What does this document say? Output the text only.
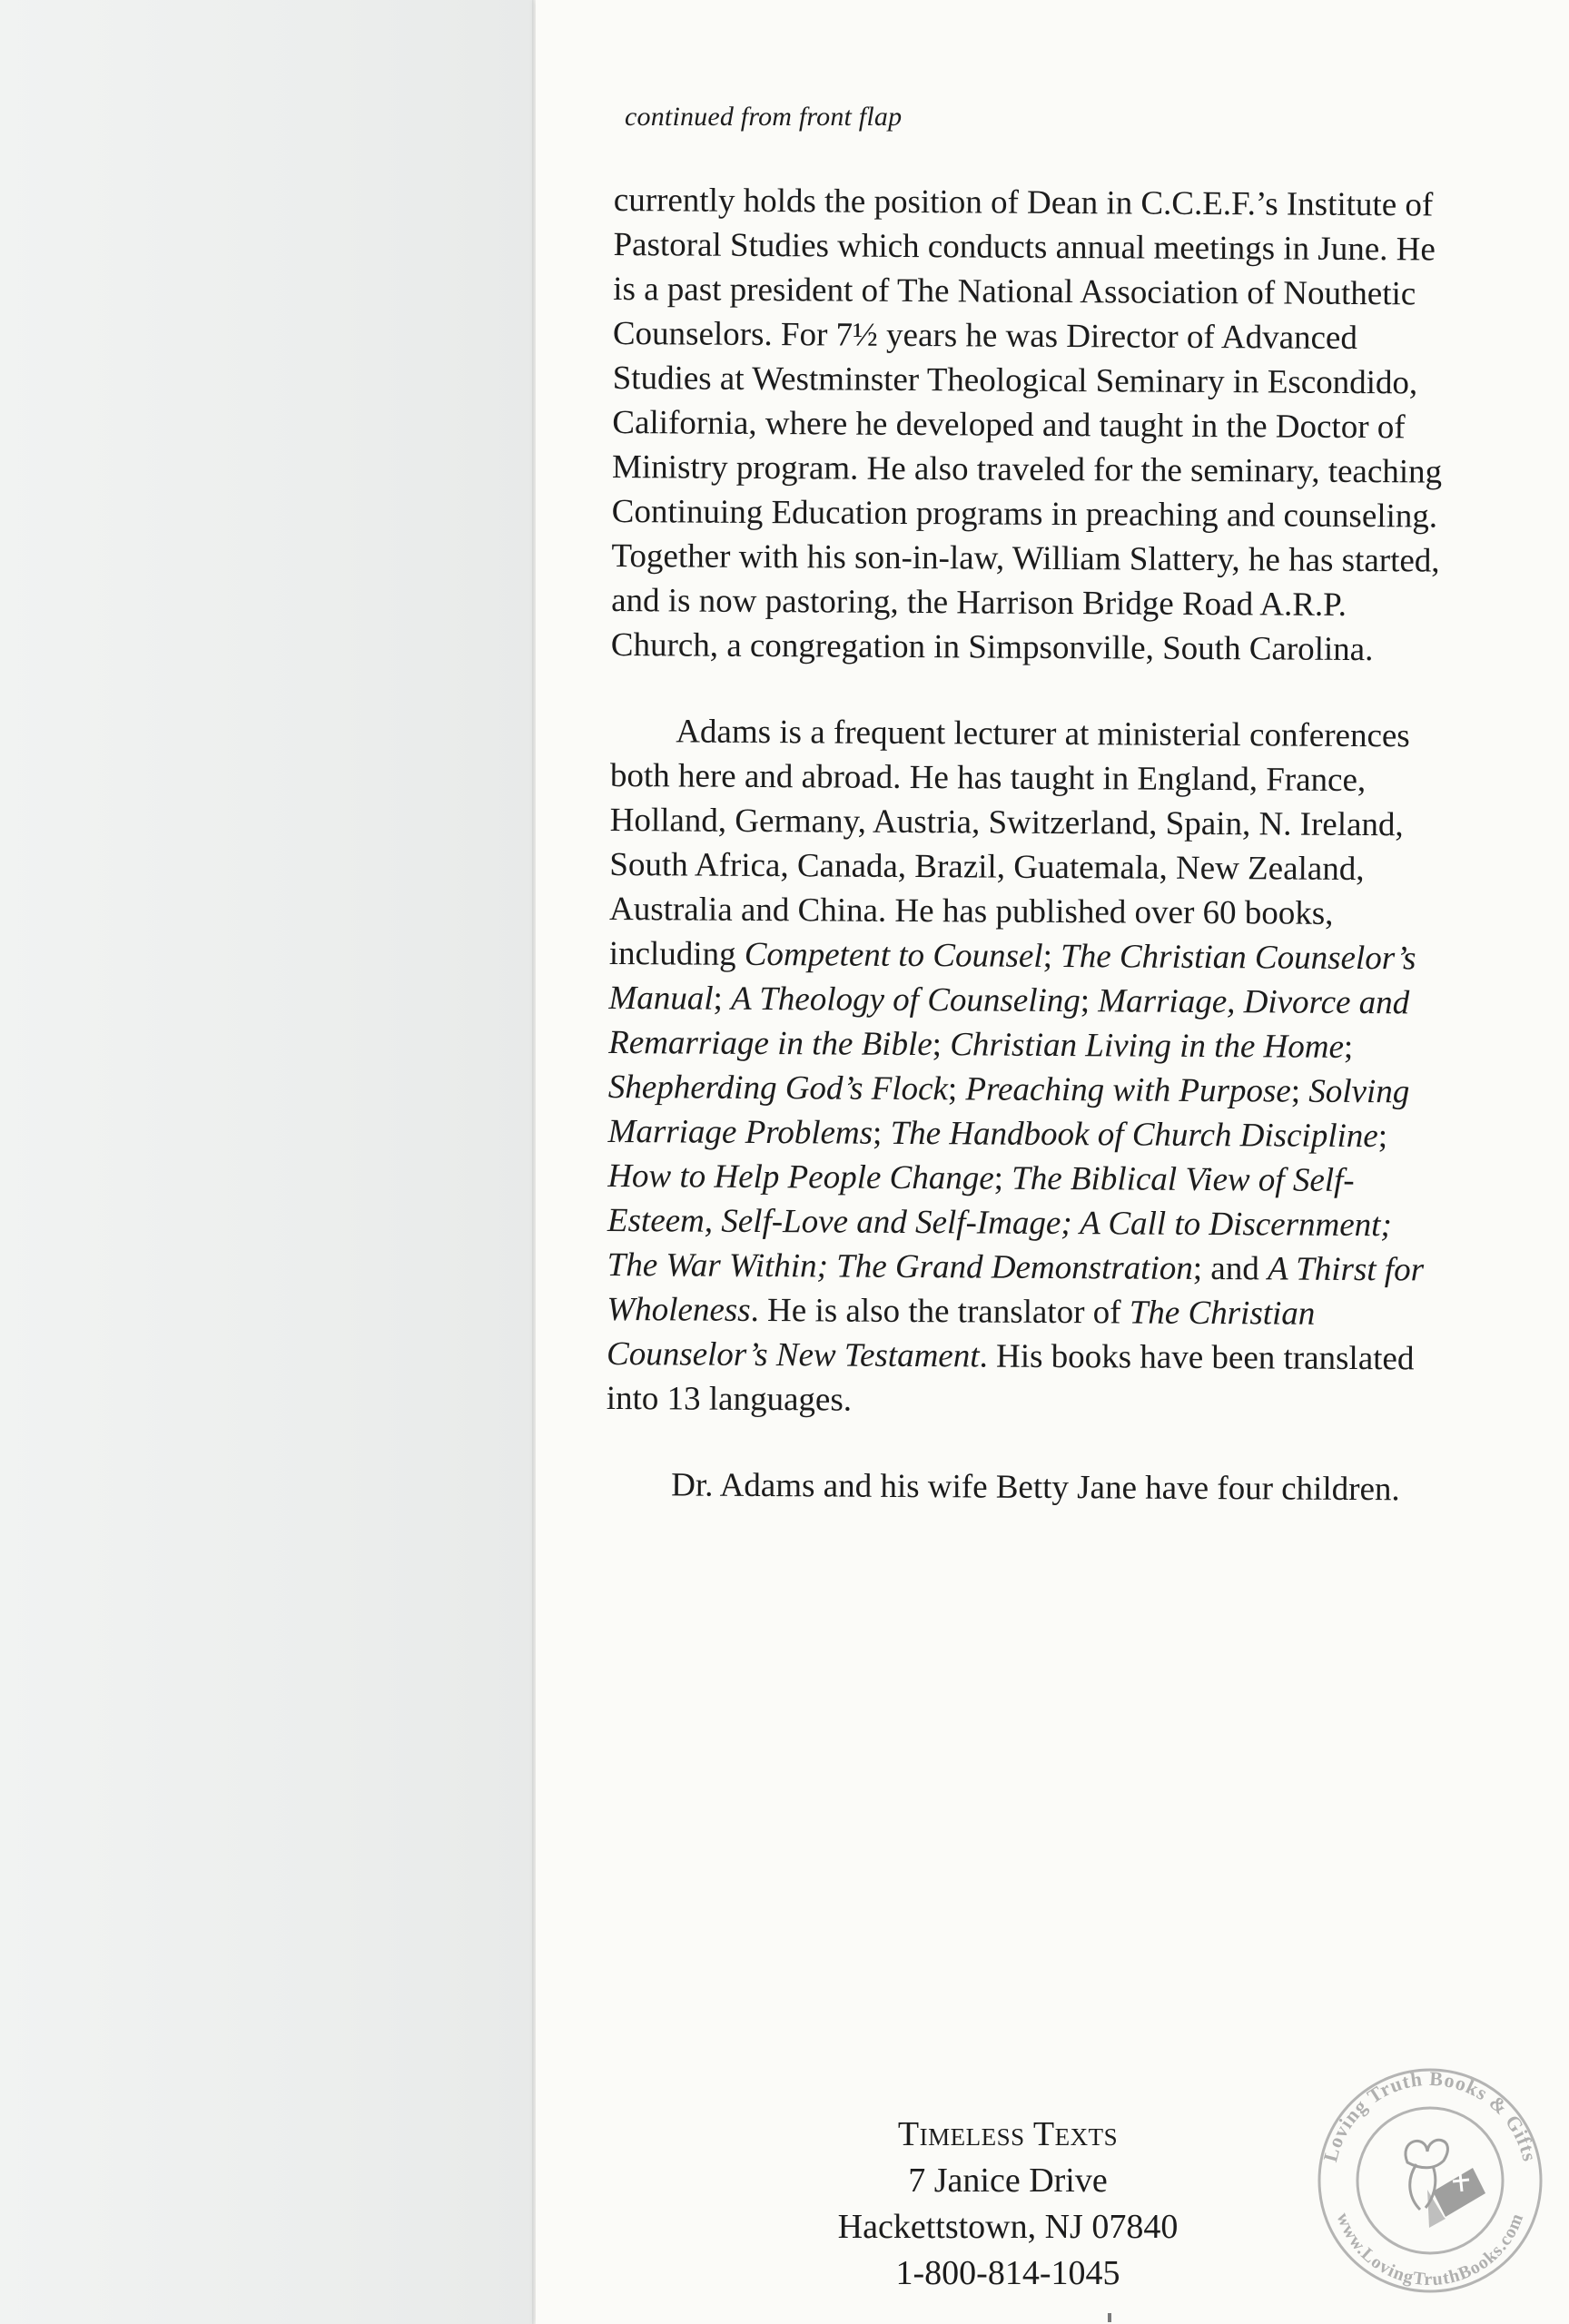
continued from front flap

currently holds the position of Dean in C.C.E.F.’s Institute of Pastoral Studies which conducts annual meetings in June. He is a past president of The National Association of Nouthetic Counselors. For 7½ years he was Director of Advanced Studies at Westminster Theological Seminary in Escondido, California, where he developed and taught in the Doctor of Ministry program. He also traveled for the seminary, teaching Continuing Education programs in preaching and counseling. Together with his son-in-law, William Slattery, he has started, and is now pastoring, the Harrison Bridge Road A.R.P. Church, a congregation in Simpsonville, South Carolina.

Adams is a frequent lecturer at ministerial conferences both here and abroad. He has taught in England, France, Holland, Germany, Austria, Switzerland, Spain, N. Ireland, South Africa, Canada, Brazil, Guatemala, New Zealand, Australia and China. He has published over 60 books, including Competent to Counsel; The Christian Counselor’s Manual; A Theology of Counseling; Marriage, Divorce and Remarriage in the Bible; Christian Living in the Home; Shepherding God’s Flock; Preaching with Purpose; Solving Marriage Problems; The Handbook of Church Discipline; How to Help People Change; The Biblical View of Self-Esteem, Self-Love and Self-Image; A Call to Discernment; The War Within; The Grand Demonstration; and A Thirst for Wholeness. He is also the translator of The Christian Counselor’s New Testament. His books have been translated into 13 languages.

Dr. Adams and his wife Betty Jane have four children.

Timeless Texts
7 Janice Drive
Hackettstown, NJ 07840
1-800-814-1045
Loving Truth Books & Gifts
www.LovingTruthBooks.com
